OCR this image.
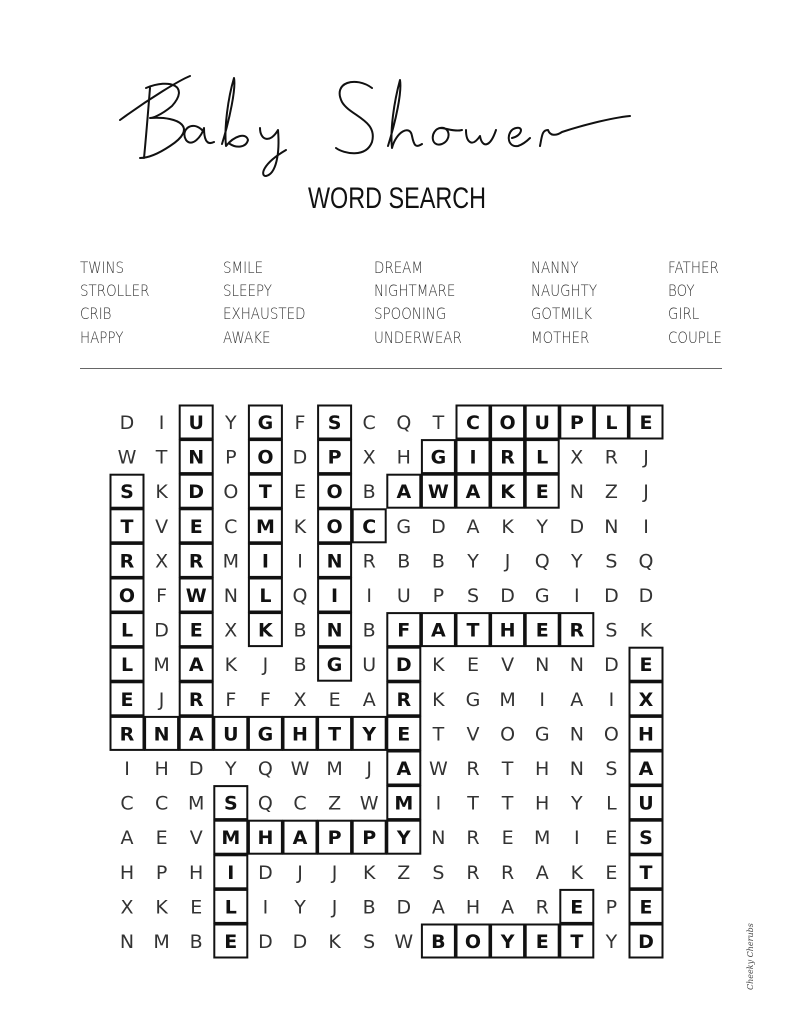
WORD SEARCH
TWINS
STROLLER
CRIB
HAPPY
SMILE
SLEEPY
EXHAUSTED
AWAKE
DREAM
NIGHTMARE
SPOONING
UNDERWEAR
NANNY
NAUGHTY
GOTMILK
MOTHER
FATHER
BOY
GIRL
COUPLE
D I U Y G F S C Q T C O U P L E
W T N P O D P X H G I R L X R J
S K D O T E O B A W A K E N Z J
T V E C M K O C G D A K Y D N I
R X R M I I N R B B Y J Q Y S Q
O F W N L Q I I U P S D G I D D
L D E X K B N B F A T H E R S K
L M A K J B G U D K E V N N D E
E J R F F X E A R K G M I A I X
R N A U G H T Y E T V O G N O H
I H D Y Q W M J A W R T H N S A
C C M S Q C Z W M I T T H Y L U
A E V M H A P P Y N R E M I E S
H P H I D J J K Z S R R A K E T
X K E L I Y J B D A H A R E P E
N M B E D D K S W B O Y E T Y D	Cheeky Cherubs
